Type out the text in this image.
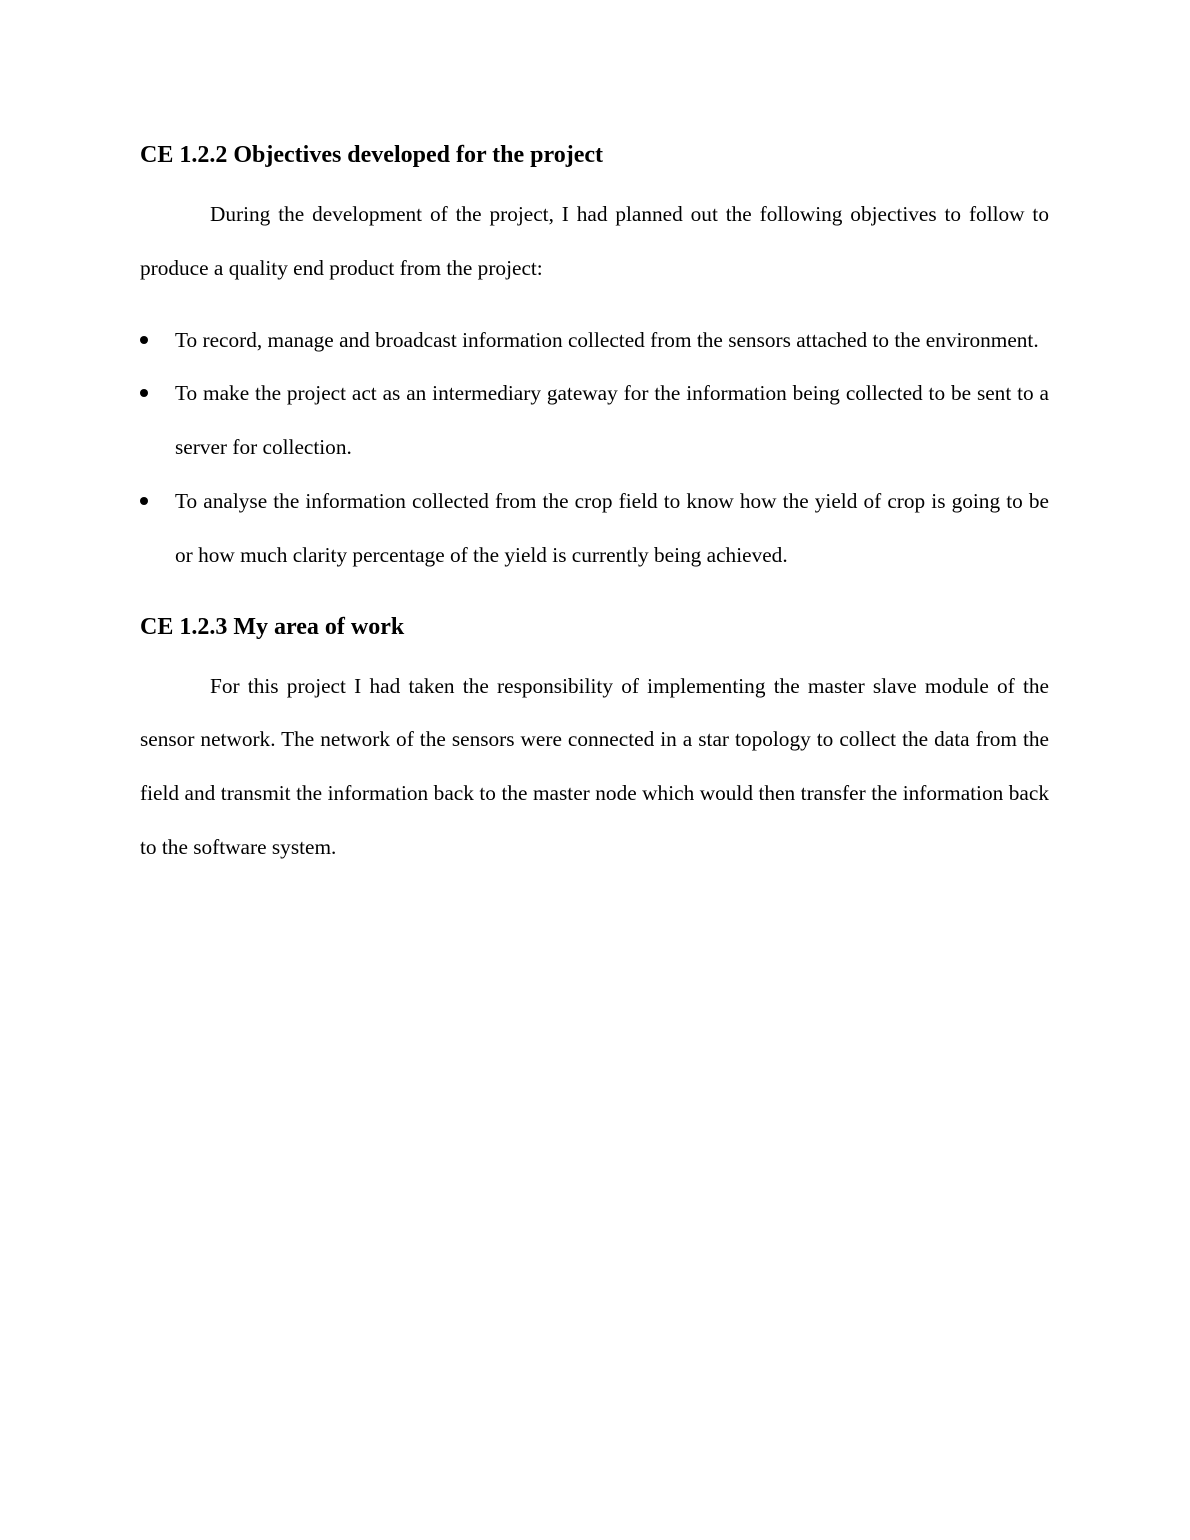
CE 1.2.2 Objectives developed for the project

During the development of the project, I had planned out the following objectives to follow to produce a quality end product from the project:

To record, manage and broadcast information collected from the sensors attached to the environment.
To make the project act as an intermediary gateway for the information being collected to be sent to a server for collection.
To analyse the information collected from the crop field to know how the yield of crop is going to be or how much clarity percentage of the yield is currently being achieved.
CE 1.2.3 My area of work

For this project I had taken the responsibility of implementing the master slave module of the sensor network. The network of the sensors were connected in a star topology to collect the data from the field and transmit the information back to the master node which would then transfer the information back to the software system.
